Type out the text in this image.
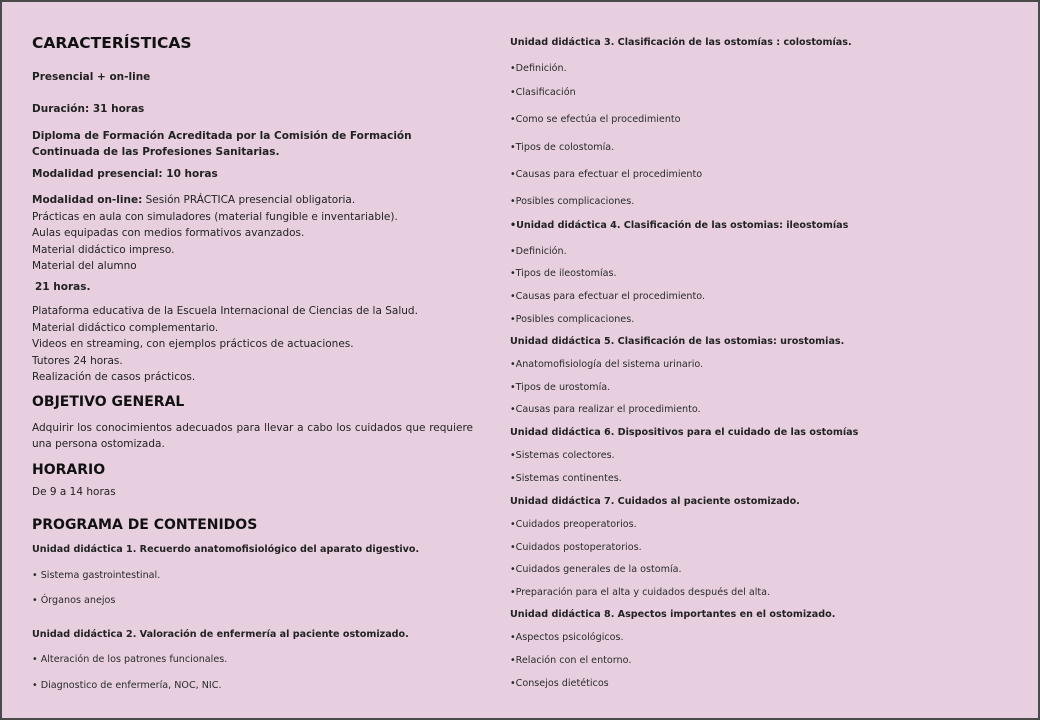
CARACTERÍSTICAS
Presencial + on-line
Duración: 31 horas
Diploma de Formación Acreditada por la Comisión de Formación Continuada de las Profesiones Sanitarias.
Modalidad presencial: 10 horas
Modalidad on-line: Sesión PRÁCTICA presencial obligatoria.
Prácticas en aula con simuladores (material fungible e inventariable).
Aulas equipadas con medios formativos avanzados.
Material didáctico impreso.
Material del alumno
21 horas.
Plataforma educativa de la Escuela Internacional de Ciencias de la Salud.
Material didáctico complementario.
Videos en streaming, con ejemplos prácticos de actuaciones.
Tutores 24 horas.
Realización de casos prácticos.
OBJETIVO GENERAL
Adquirir los conocimientos adecuados para llevar a cabo los cuidados que requiere una persona ostomizada.
HORARIO
De 9 a 14 horas
PROGRAMA DE CONTENIDOS
Unidad didáctica 1. Recuerdo anatomofisiológico del aparato digestivo.
• Sistema gastrointestinal.
• Órganos anejos
Unidad didáctica 2. Valoración de enfermería al paciente ostomizado.
• Alteración de los patrones funcionales.
• Diagnostico de enfermería, NOC, NIC.
Unidad didáctica 3. Clasificación de las ostomías : colostomías.
•Definición.
•Clasificación
•Como se efectúa el procedimiento
•Tipos de colostomía.
•Causas para efectuar el procedimiento
•Posibles complicaciones.
•Unidad didáctica 4. Clasificación de las ostomias: ileostomías
•Definición.
•Tipos de ileostomías.
•Causas para efectuar el procedimiento.
•Posibles complicaciones.
Unidad didáctica 5. Clasificación de las ostomias: urostomias.
•Anatomofisiología del sistema urinario.
•Tipos de urostomía.
•Causas para realizar el procedimiento.
Unidad didáctica 6. Dispositivos para el cuidado de las ostomías
•Sistemas colectores.
•Sistemas continentes.
Unidad didáctica 7. Cuidados al paciente ostomizado.
•Cuidados preoperatorios.
•Cuidados postoperatorios.
•Cuidados generales de la ostomía.
•Preparación para el alta y cuidados después del alta.
Unidad didáctica 8. Aspectos importantes en el ostomizado.
•Aspectos psicológicos.
•Relación con el entorno.
•Consejos dietéticos
